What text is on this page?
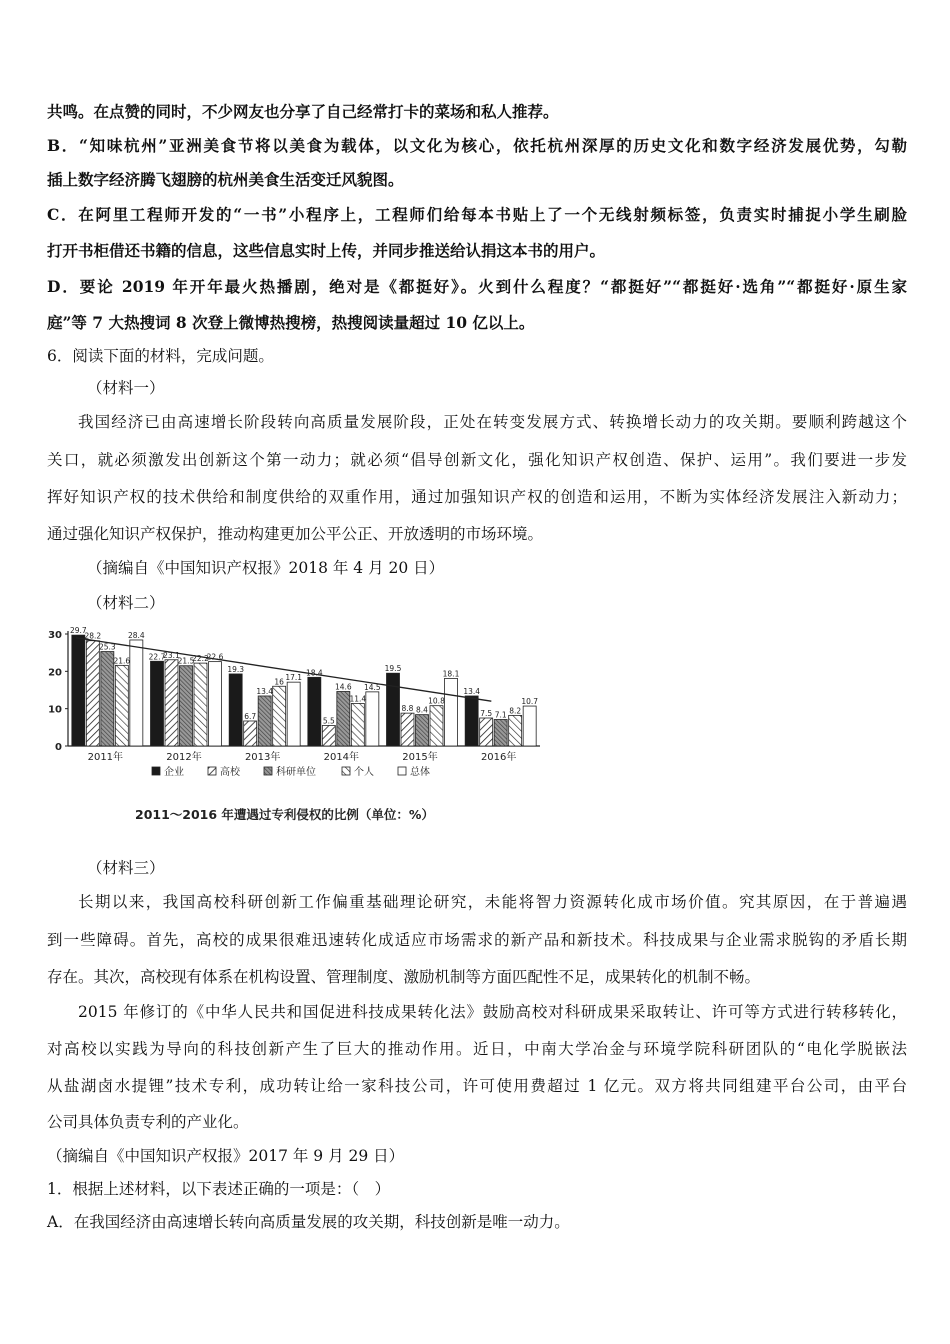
共鸣。在点赞的同时，不少网友也分享了自己经常打卡的菜场和私人推荐。
B．“知味杭州”亚洲美食节将以美食为载体，以文化为核心，依托杭州深厚的历史文化和数字经济发展优势，勾勒
插上数字经济腾飞翅膀的杭州美食生活变迁风貌图。
C．在阿里工程师开发的“一书”小程序上，工程师们给每本书贴上了一个无线射频标签，负责实时捕捉小学生刷脸
打开书柜借还书籍的信息，这些信息实时上传，并同步推送给认捐这本书的用户。
D．要论 2019 年开年最火热播剧，绝对是《都挺好》。火到什么程度？“都挺好”“都挺好·选角”“都挺好·原生家
庭”等 7 大热搜词 8 次登上微博热搜榜，热搜阅读量超过 10 亿以上。
6．阅读下面的材料，完成问题。
（材料一）
我国经济已由高速增长阶段转向高质量发展阶段，正处在转变发展方式、转换增长动力的攻关期。要顺利跨越这个
关口，就必须激发出创新这个第一动力；就必须“倡导创新文化，强化知识产权创造、保护、运用”。我们要进一步发
挥好知识产权的技术供给和制度供给的双重作用，通过加强知识产权的创造和运用，不断为实体经济发展注入新动力；
通过强化知识产权保护，推动构建更加公平公正、开放透明的市场环境。
（摘编自《中国知识产权报》2018 年 4 月 20 日）
（材料二）
0
10
20
30 29.7
28.2
25.3
21.6
28.4
2011年
22.7
23.1
21.5
22.2
22.6
2012年
19.3
6.7
13.4
16 17.1
2013年
18.4
5.5
14.6
11.4
14.5
2014年
19.5
8.8 8.4
10.8
18.1
2015年
13.4
7.5 7.1 8.2
10.7
2016年
企业	高校	科研单位	个人	总体
2011～2016 年遭遇过专利侵权的比例（单位：%）
（材料三）
长期以来，我国高校科研创新工作偏重基础理论研究，未能将智力资源转化成市场价值。究其原因，在于普遍遇
到一些障碍。首先，高校的成果很难迅速转化成适应市场需求的新产品和新技术。科技成果与企业需求脱钩的矛盾长期
存在。其次，高校现有体系在机构设置、管理制度、激励机制等方面匹配性不足，成果转化的机制不畅。
2015 年修订的《中华人民共和国促进科技成果转化法》鼓励高校对科研成果采取转让、许可等方式进行转移转化，
对高校以实践为导向的科技创新产生了巨大的推动作用。近日，中南大学冶金与环境学院科研团队的“电化学脱嵌法
从盐湖卤水提锂”技术专利，成功转让给一家科技公司，许可使用费超过 1 亿元。双方将共同组建平台公司，由平台
公司具体负责专利的产业化。
（摘编自《中国知识产权报》2017 年 9 月 29 日）
1．根据上述材料，以下表述正确的一项是：（　）
A．在我国经济由高速增长转向高质量发展的攻关期，科技创新是唯一动力。
